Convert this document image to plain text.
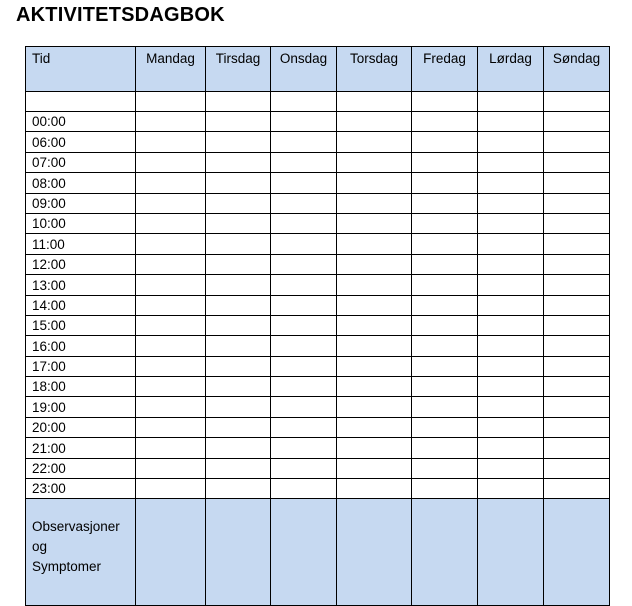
AKTIVITETSDAGBOK
Tid	Mandag	Tirsdag	Onsdag	Torsdag	Fredag	Lørdag	Søndag

00:00							
06:00							
07:00							
08:00							
09:00							
10:00							
11:00							
12:00							
13:00							
14:00							
15:00							
16:00							
17:00							
18:00							
19:00							
20:00							
21:00							
22:00							
23:00							
Observasjoner
og
Symptomer							
